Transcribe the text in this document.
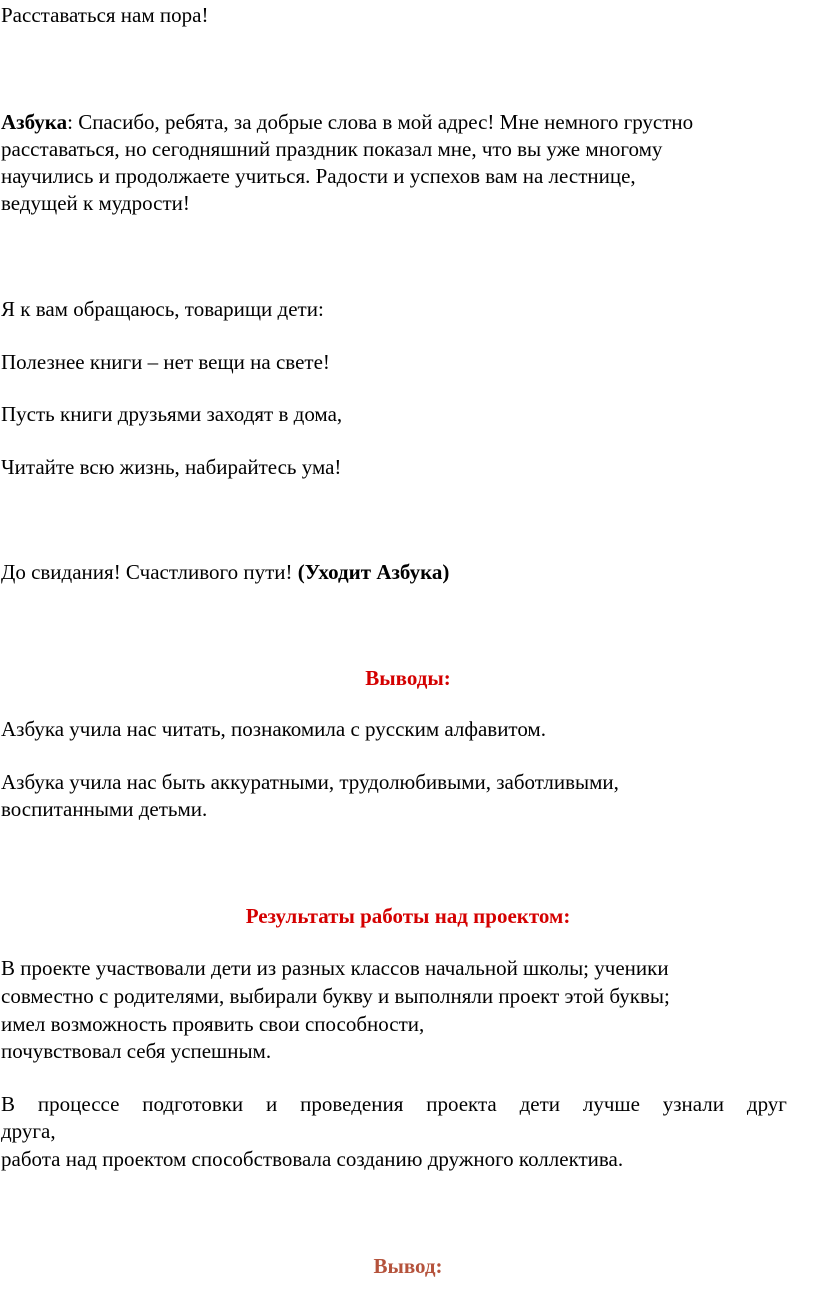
Расставаться нам пора!
Азбука: Спасибо, ребята, за добрые слова в мой адрес! Мне немного грустно
расставаться, но сегодняшний праздник показал мне, что вы уже многому
научились и продолжаете учиться. Радости и успехов вам на лестнице,
ведущей к мудрости!
Я к вам обращаюсь, товарищи дети:
Полезнее книги – нет вещи на свете!
Пусть книги друзьями заходят в дома,
Читайте всю жизнь, набирайтесь ума!
До свидания! Счастливого пути! (Уходит Азбука)
Выводы:
Азбука учила нас читать, познакомила с русским алфавитом.
Азбука учила нас быть аккуратными, трудолюбивыми, заботливыми,
воспитанными детьми.
Результаты работы над проектом:
В проекте участвовали дети из разных классов начальной школы; ученики
совместно с родителями, выбирали букву и выполняли проект этой буквы;
имел возможность проявить свои способности,
почувствовал себя успешным.
В процессе подготовки и проведения проекта дети лучше узнали друг
друга,
работа над проектом способствовала созданию дружного коллектива.
Вывод:
